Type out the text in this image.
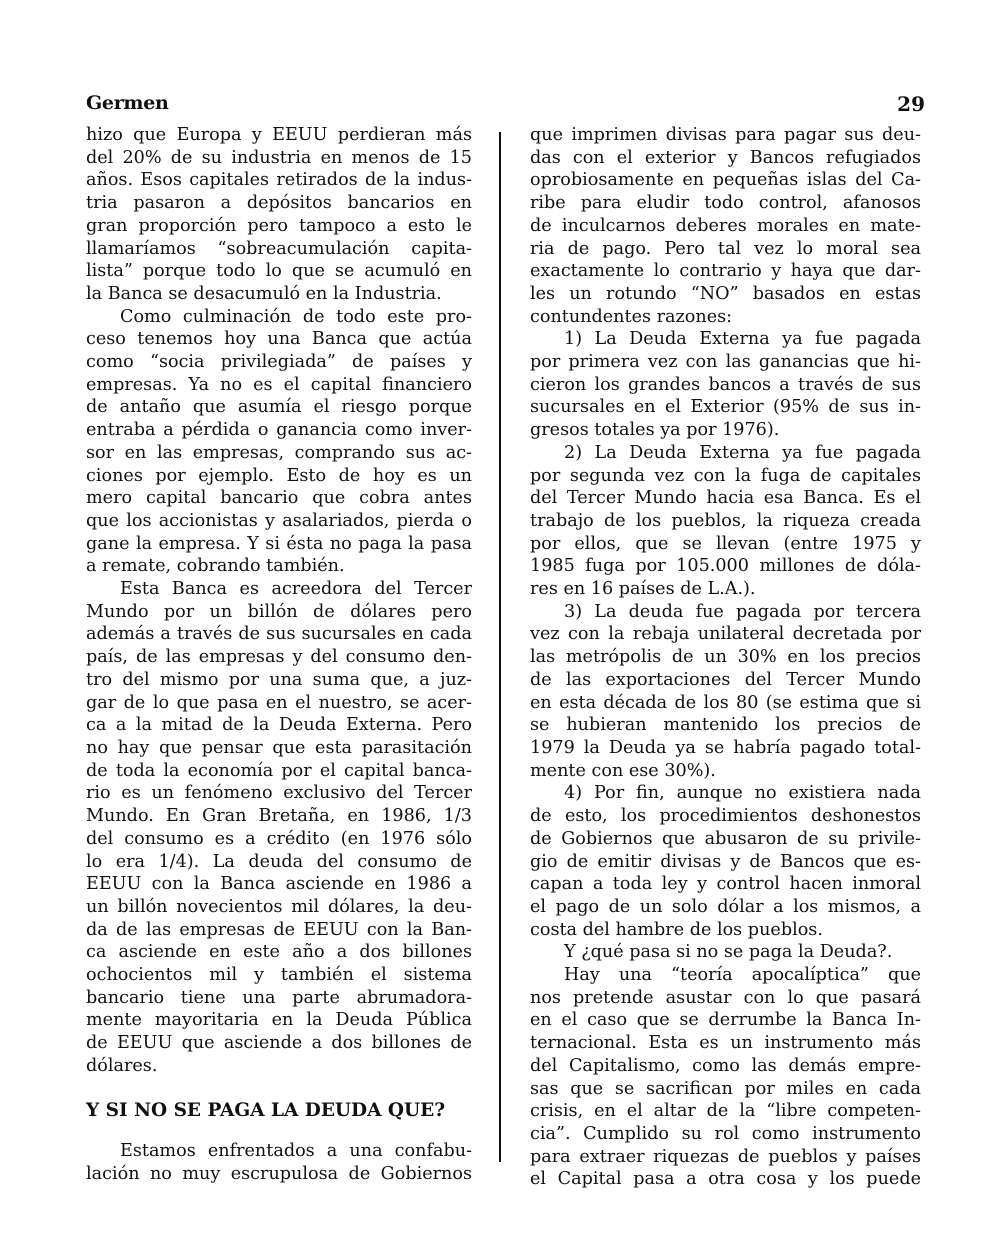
Germen	29
hizo que Europa y EEUU perdieran más
del 20% de su industria en menos de 15
años. Esos capitales retirados de la indus-
tria pasaron a depósitos bancarios en
gran proporción pero tampoco a esto le
llamaríamos “sobreacumulación capita-
lista” porque todo lo que se acumuló en
la Banca se desacumuló en la Industria.
Como culminación de todo este pro-
ceso tenemos hoy una Banca que actúa
como “socia privilegiada” de países y
empresas. Ya no es el capital financiero
de antaño que asumía el riesgo porque
entraba a pérdida o ganancia como inver-
sor en las empresas, comprando sus ac-
ciones por ejemplo. Esto de hoy es un
mero capital bancario que cobra antes
que los accionistas y asalariados, pierda o
gane la empresa. Y si ésta no paga la pasa
a remate, cobrando también.
Esta Banca es acreedora del Tercer
Mundo por un billón de dólares pero
además a través de sus sucursales en cada
país, de las empresas y del consumo den-
tro del mismo por una suma que, a juz-
gar de lo que pasa en el nuestro, se acer-
ca a la mitad de la Deuda Externa. Pero
no hay que pensar que esta parasitación
de toda la economía por el capital banca-
rio es un fenómeno exclusivo del Tercer
Mundo. En Gran Bretaña, en 1986, 1/3
del consumo es a crédito (en 1976 sólo
lo era 1/4). La deuda del consumo de
EEUU con la Banca asciende en 1986 a
un billón novecientos mil dólares, la deu-
da de las empresas de EEUU con la Ban-
ca asciende en este año a dos billones
ochocientos mil y también el sistema
bancario tiene una parte abrumadora-
mente mayoritaria en la Deuda Pública
de EEUU que asciende a dos billones de
dólares.
Y SI NO SE PAGA LA DEUDA QUE?
Estamos enfrentados a una confabu-
lación no muy escrupulosa de Gobiernos
que imprimen divisas para pagar sus deu-
das con el exterior y Bancos refugiados
oprobiosamente en pequeñas islas del Ca-
ribe para eludir todo control, afanosos
de inculcarnos deberes morales en mate-
ria de pago. Pero tal vez lo moral sea
exactamente lo contrario y haya que dar-
les un rotundo “NO” basados en estas
contundentes razones:
1) La Deuda Externa ya fue pagada
por primera vez con las ganancias que hi-
cieron los grandes bancos a través de sus
sucursales en el Exterior (95% de sus in-
gresos totales ya por 1976).
2) La Deuda Externa ya fue pagada
por segunda vez con la fuga de capitales
del Tercer Mundo hacia esa Banca. Es el
trabajo de los pueblos, la riqueza creada
por ellos, que se llevan (entre 1975 y
1985 fuga por 105.000 millones de dóla-
res en 16 países de L.A.).
3) La deuda fue pagada por tercera
vez con la rebaja unilateral decretada por
las metrópolis de un 30% en los precios
de las exportaciones del Tercer Mundo
en esta década de los 80 (se estima que si
se hubieran mantenido los precios de
1979 la Deuda ya se habría pagado total-
mente con ese 30%).
4) Por fin, aunque no existiera nada
de esto, los procedimientos deshonestos
de Gobiernos que abusaron de su privile-
gio de emitir divisas y de Bancos que es-
capan a toda ley y control hacen inmoral
el pago de un solo dólar a los mismos, a
costa del hambre de los pueblos.
Y ¿qué pasa si no se paga la Deuda?.
Hay una “teoría apocalíptica” que
nos pretende asustar con lo que pasará
en el caso que se derrumbe la Banca In-
ternacional. Esta es un instrumento más
del Capitalismo, como las demás empre-
sas que se sacrifican por miles en cada
crisis, en el altar de la “libre competen-
cia”. Cumplido su rol como instrumento
para extraer riquezas de pueblos y países
el Capital pasa a otra cosa y los puede
